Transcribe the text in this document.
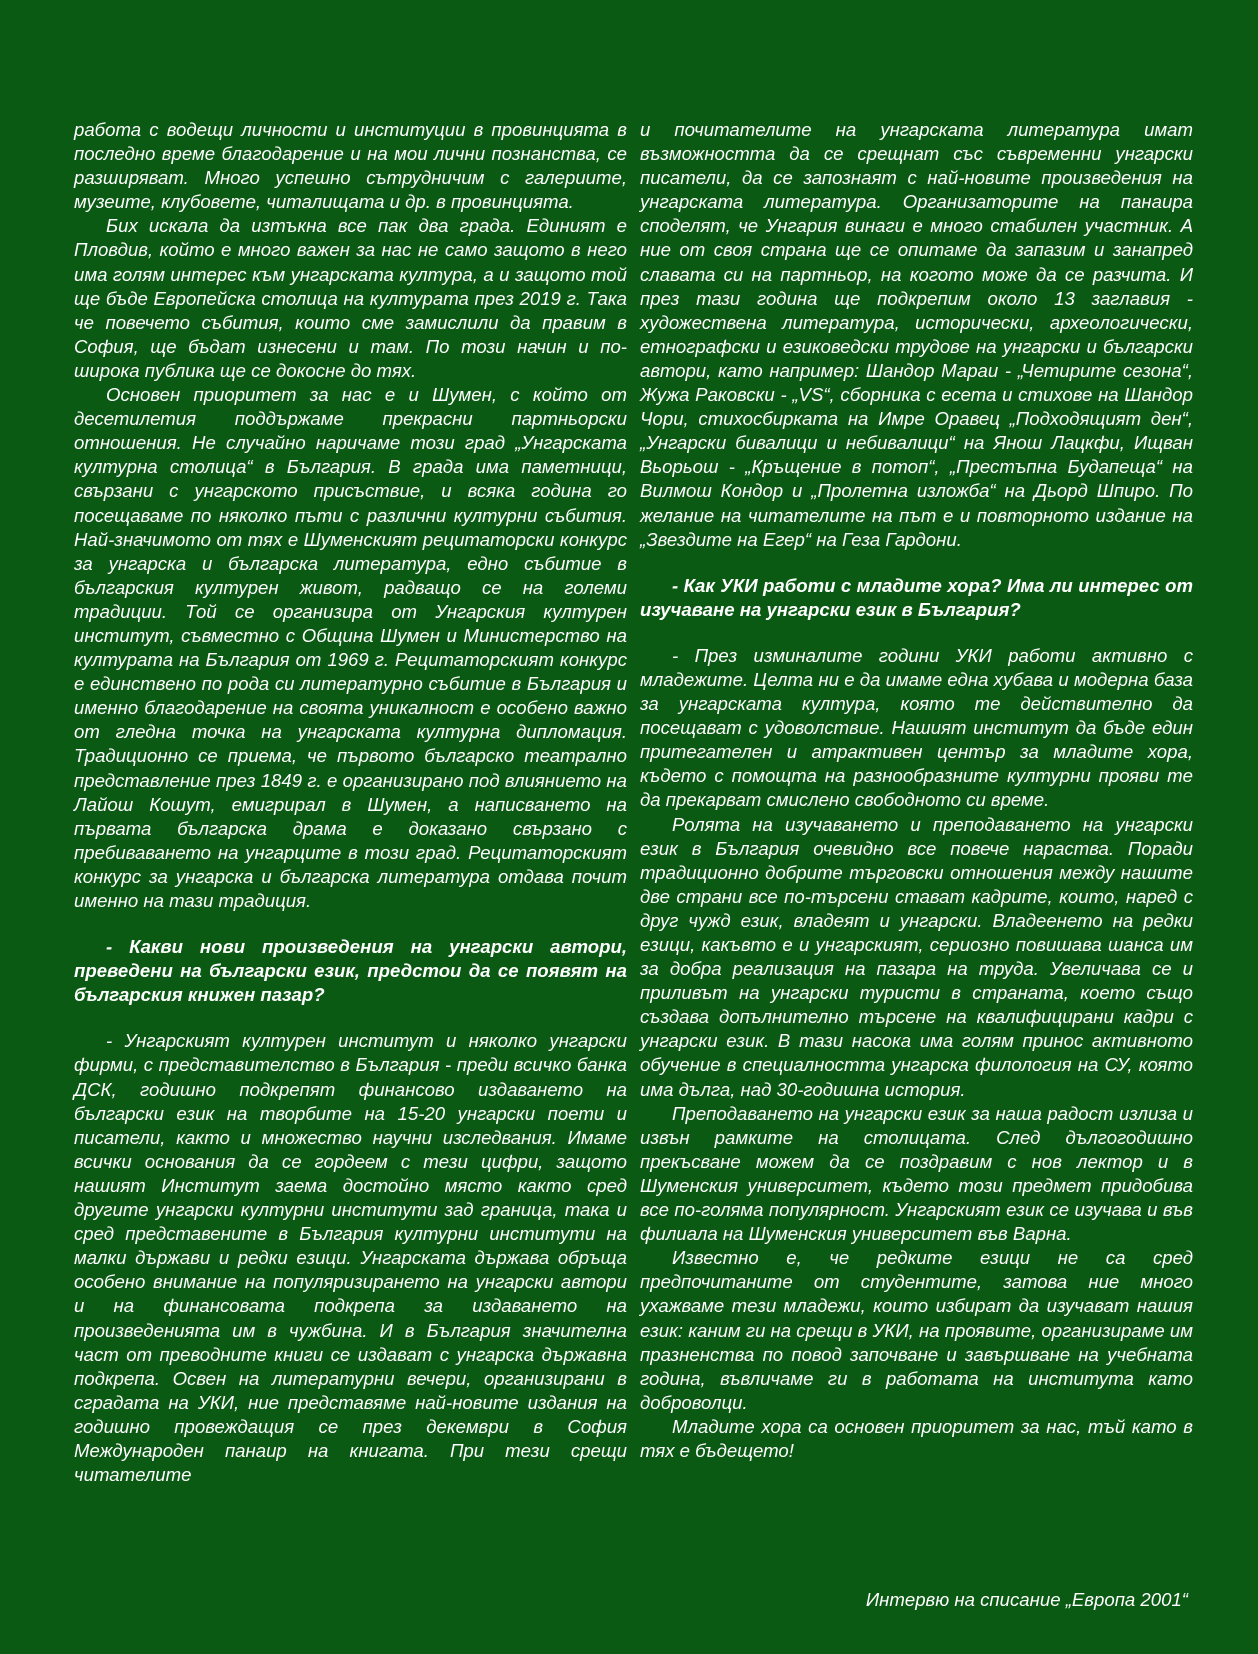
работа с водещи личности и институции в провинцията в последно време благодарение и на мои лични познанства, се разширяват. Много успешно сътрудничим с галериите, музеите, клубовете, читалищата и др. в провинцията.

Бих искала да изтъкна все пак два града. Единият е Пловдив, който е много важен за нас не само защото в него има голям интерес към унгарската култура, а и защото той ще бъде Европейска столица на културата през 2019 г. Така че повечето събития, които сме замислили да правим в София, ще бъдат изнесени и там. По този начин и по-широка публика ще се докосне до тях.

Основен приоритет за нас е и Шумен, с който от десетилетия поддържаме прекрасни партньорски отношения. Не случайно наричаме този град „Унгарската културна столица“ в България. В града има паметници, свързани с унгарското присъствие, и всяка година го посещаваме по няколко пъти с различни културни събития. Най-значимото от тях е Шуменският рецитаторски конкурс за унгарска и българска литература, едно събитие в българския културен живот, радващо се на големи традиции. Той се организира от Унгарския културен институт, съвместно с Община Шумен и Министерство на културата на България от 1969 г. Рецитаторският конкурс е единствено по рода си литературно събитие в България и именно благодарение на своята уникалност е особено важно от гледна точка на унгарската културна дипломация. Традиционно се приема, че първото българско театрално представление през 1849 г. е организирано под влиянието на Лайош Кошут, емигрирал в Шумен, а написването на първата българска драма е доказано свързано с пребиваването на унгарците в този град. Рецитаторският конкурс за унгарска и българска литература отдава почит именно на тази традиция.

- Какви нови произведения на унгарски автори, преведени на български език, предстои да се появят на българския книжен пазар?

- Унгарският културен институт и няколко унгарски фирми, с представителство в България - преди всичко банка ДСК, годишно подкрепят финансово издаването на български език на творбите на 15-20 унгарски поети и писатели, както и множество научни изследвания. Имаме всички основания да се гордеем с тези цифри, защото нашият Институт заема достойно място както сред другите унгарски културни институти зад граница, така и сред представените в България културни институти на малки държави и редки езици. Унгарската държава обръща особено внимание на популяризирането на унгарски автори и на финансовата подкрепа за издаването на произведенията им в чужбина. И в България значителна част от преводните книги се издават с унгарска държавна подкрепа. Освен на литературни вечери, организирани в сградата на УКИ, ние представяме най-новите издания на годишно провеждащия се през декември в София Международен панаир на книгата. При тези срещи читателите

и почитателите на унгарската литература имат възможността да се срещнат със съвременни унгарски писатели, да се запознаят с най-новите произведения на унгарската литература. Организаторите на панаира споделят, че Унгария винаги е много стабилен участник. А ние от своя страна ще се опитаме да запазим и занапред славата си на партньор, на когото може да се разчита. И през тази година ще подкрепим около 13 заглавия - художествена литература, исторически, археологически, етнографски и езиковедски трудове на унгарски и български автори, като например: Шандор Мараи - „Четирите сезона“, Жужа Раковски - „VS“, сборника с есета и стихове на Шандор Чори, стихосбирката на Имре Оравец „Подходящият ден“, „Унгарски бивалици и небивалици“ на Янош Лацкфи, Ищван Вьорьош - „Кръщение в потоп“, „Престъпна Будапеща“ на Вилмош Кондор и „Пролетна изложба“ на Дьорд Шпиро. По желание на читателите на път е и повторното издание на „Звездите на Егер“ на Геза Гардони.

- Как УКИ работи с младите хора? Има ли интерес от изучаване на унгарски език в България?

- През изминалите години УКИ работи активно с младежите. Целта ни е да имаме една хубава и модерна база за унгарската култура, която те действително да посещават с удоволствие. Нашият институт да бъде един притегателен и атрактивен център за младите хора, където с помощта на разнообразните културни прояви те да прекарват смислено свободното си време.

Ролята на изучаването и преподаването на унгарски език в България очевидно все повече нараства. Поради традиционно добрите търговски отношения между нашите две страни все по-търсени стават кадрите, които, наред с друг чужд език, владеят и унгарски. Владеенето на редки езици, какъвто е и унгарският, сериозно повишава шанса им за добра реализация на пазара на труда. Увеличава се и приливът на унгарски туристи в страната, което също създава допълнително търсене на квалифицирани кадри с унгарски език. В тази насока има голям принос активното обучение в специалността унгарска филология на СУ, която има дълга, над 30-годишна история.

Преподаването на унгарски език за наша радост излиза и извън рамките на столицата. След дългогодишно прекъсване можем да се поздравим с нов лектор и в Шуменския университет, където този предмет придобива все по-голяма популярност. Унгарският език се изучава и във филиала на Шуменския университет във Варна.

Известно е, че редките езици не са сред предпочитаните от студентите, затова ние много ухажваме тези младежи, които избират да изучават нашия език: каним ги на срещи в УКИ, на проявите, организираме им празненства по повод започване и завършване на учебната година, въвличаме ги в работата на института като доброволци.

Младите хора са основен приоритет за нас, тъй като в тях е бъдещето!

Интервю на списание „Европа 2001“
